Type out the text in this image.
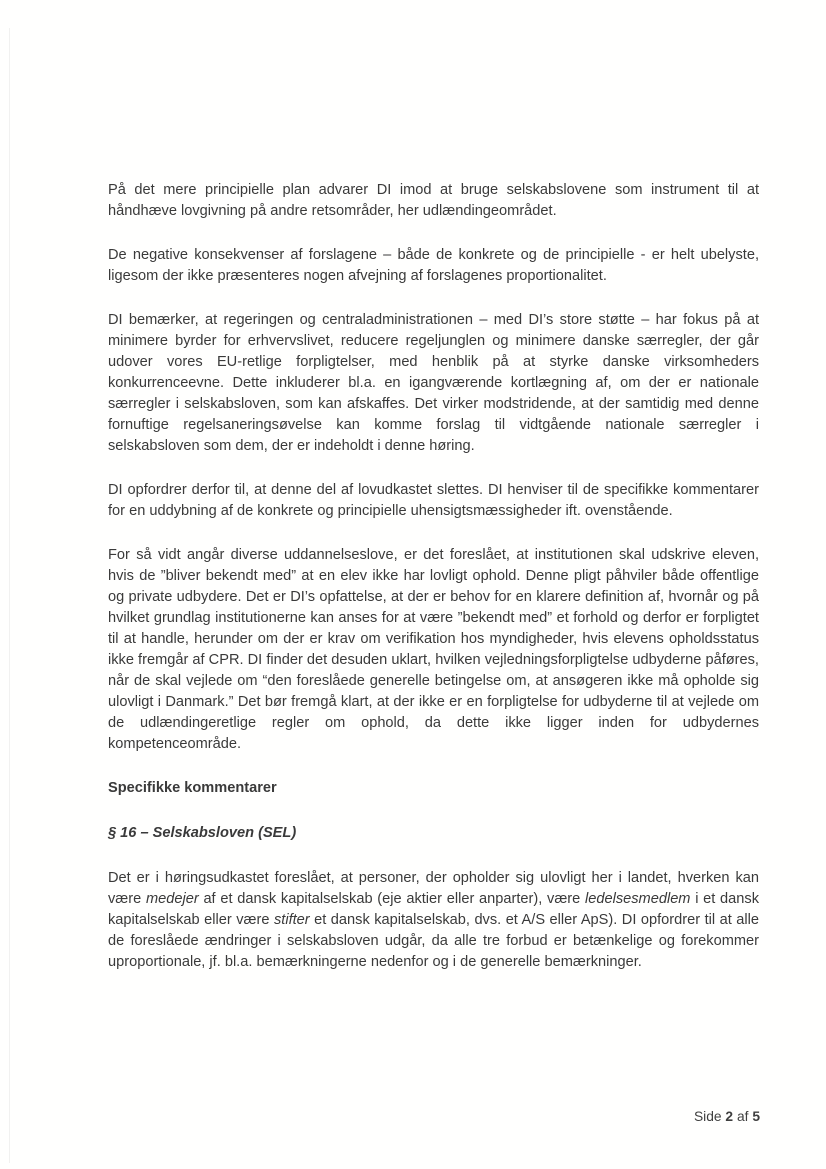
På det mere principielle plan advarer DI imod at bruge selskabslovene som instrument til at håndhæve lovgivning på andre retsområder, her udlændingeområdet.

De negative konsekvenser af forslagene – både de konkrete og de principielle - er helt ubelyste, ligesom der ikke præsenteres nogen afvejning af forslagenes proportionalitet.

DI bemærker, at regeringen og centraladministrationen – med DI’s store støtte – har fokus på at minimere byrder for erhvervslivet, reducere regeljunglen og minimere danske særregler, der går udover vores EU-retlige forpligtelser, med henblik på at styrke danske virksomheders konkurrenceevne. Dette inkluderer bl.a. en igangværende kortlægning af, om der er nationale særregler i selskabsloven, som kan afskaffes. Det virker modstridende, at der samtidig med denne fornuftige regelsaneringsøvelse kan komme forslag til vidtgående nationale særregler i selskabsloven som dem, der er indeholdt i denne høring.

DI opfordrer derfor til, at denne del af lovudkastet slettes. DI henviser til de specifikke kommentarer for en uddybning af de konkrete og principielle uhensigtsmæssigheder ift. ovenstående.

For så vidt angår diverse uddannelseslove, er det foreslået, at institutionen skal udskrive eleven, hvis de ”bliver bekendt med” at en elev ikke har lovligt ophold. Denne pligt påhviler både offentlige og private udbydere. Det er DI’s opfattelse, at der er behov for en klarere definition af, hvornår og på hvilket grundlag institutionerne kan anses for at være ”bekendt med” et forhold og derfor er forpligtet til at handle, herunder om der er krav om verifikation hos myndigheder, hvis elevens opholdsstatus ikke fremgår af CPR. DI finder det desuden uklart, hvilken vejledningsforpligtelse udbyderne påføres, når de skal vejlede om “den foreslåede generelle betingelse om, at ansøgeren ikke må opholde sig ulovligt i Danmark.” Det bør fremgå klart, at der ikke er en forpligtelse for udbyderne til at vejlede om de udlændingeretlige regler om ophold, da dette ikke ligger inden for udbydernes kompetenceområde.

Specifikke kommentarer

§ 16 – Selskabsloven (SEL)

Det er i høringsudkastet foreslået, at personer, der opholder sig ulovligt her i landet, hverken kan være medejer af et dansk kapitalselskab (eje aktier eller anparter), være ledelsesmedlem i et dansk kapitalselskab eller være stifter et dansk kapitalselskab, dvs. et A/S eller ApS). DI opfordrer til at alle de foreslåede ændringer i selskabsloven udgår, da alle tre forbud er betænkelige og forekommer uproportionale, jf. bl.a. bemærkningerne nedenfor og i de generelle bemærkninger.

Side 2 af 5
